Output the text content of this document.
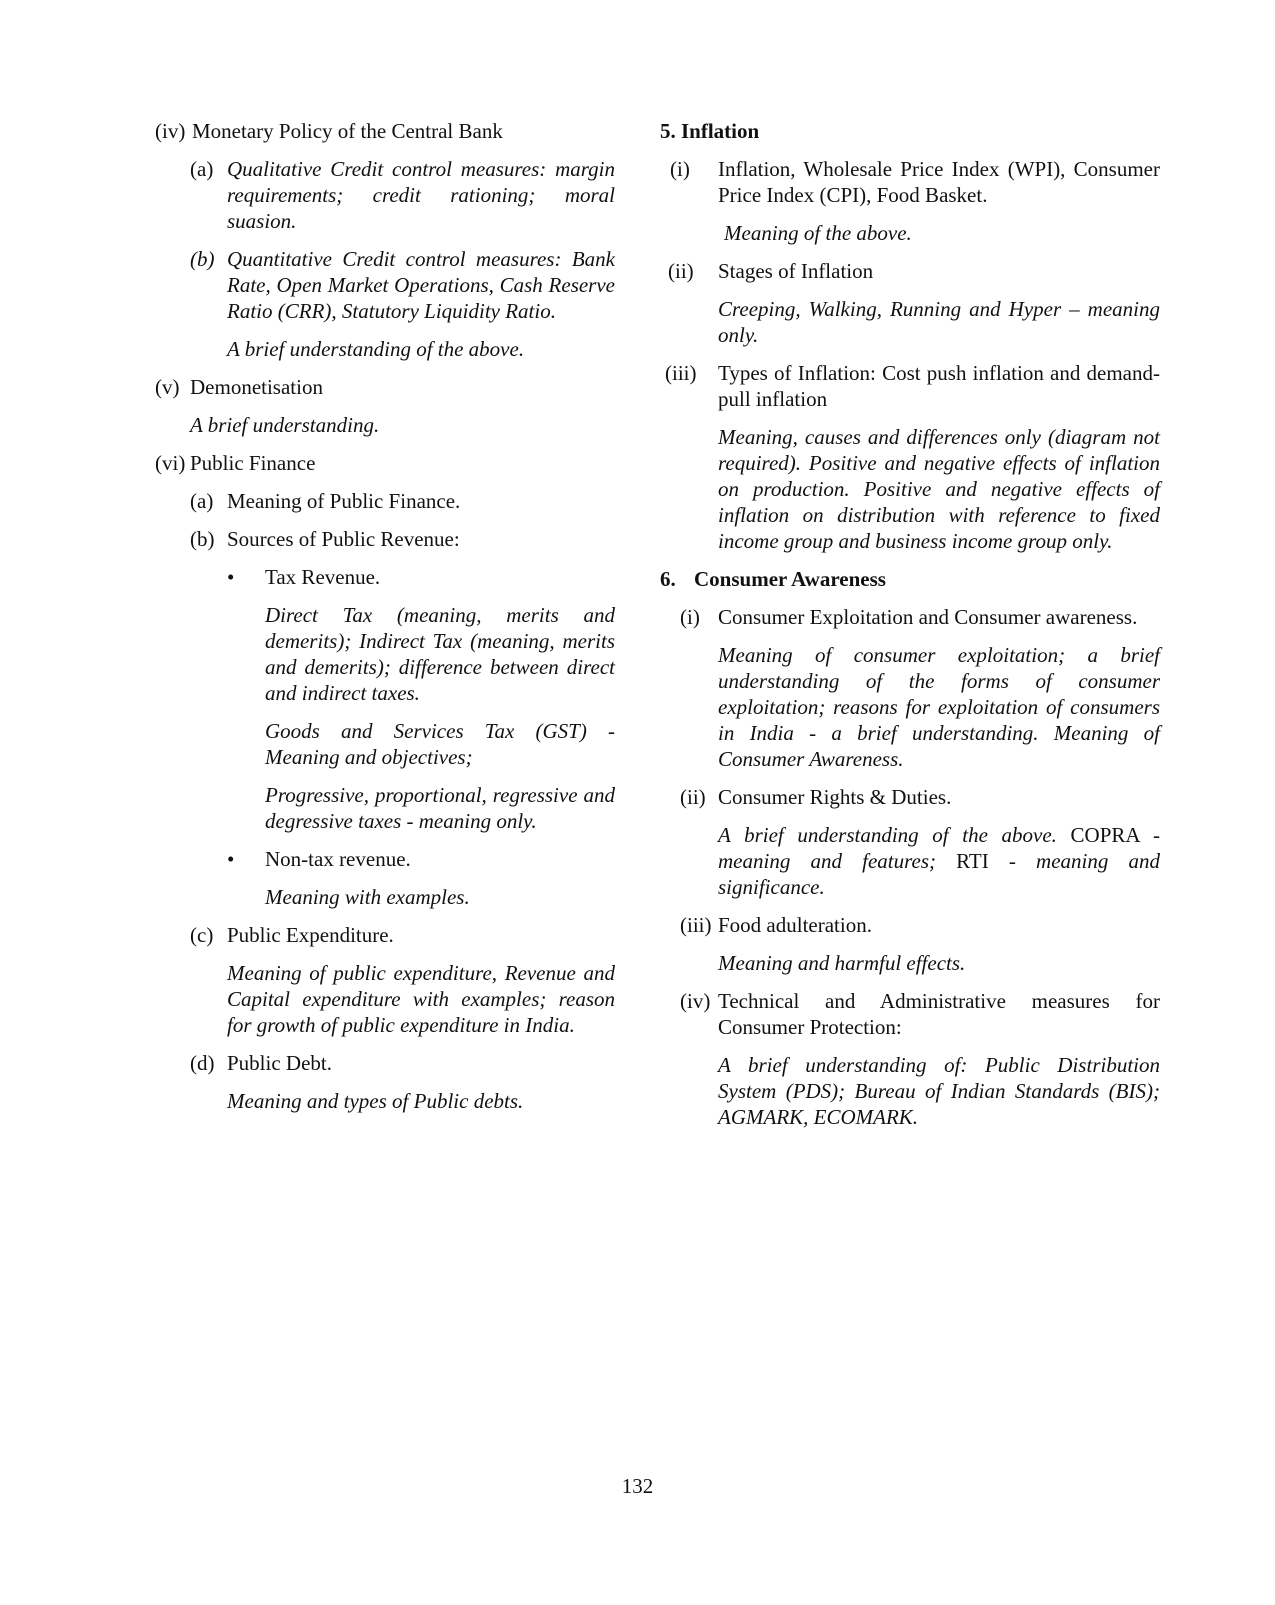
(iv) Monetary Policy of the Central Bank
(a) Qualitative Credit control measures: margin requirements; credit rationing; moral suasion.
(b) Quantitative Credit control measures: Bank Rate, Open Market Operations, Cash Reserve Ratio (CRR), Statutory Liquidity Ratio.
A brief understanding of the above.
(v) Demonetisation
A brief understanding.
(vi) Public Finance
(a) Meaning of Public Finance.
(b) Sources of Public Revenue:
•	Tax Revenue.
Direct Tax (meaning, merits and demerits); Indirect Tax (meaning, merits and demerits); difference between direct and indirect taxes.
Goods and Services Tax (GST) - Meaning and objectives;
Progressive, proportional, regressive and degressive taxes - meaning only.
•	Non-tax revenue.
Meaning with examples.
(c) Public Expenditure.
Meaning of public expenditure, Revenue and Capital expenditure with examples; reason for growth of public expenditure in India.
(d) Public Debt.
Meaning and types of Public debts.
5. Inflation
(i)	Inflation, Wholesale Price Index (WPI), Consumer Price Index (CPI), Food Basket.
Meaning of the above.
(ii)	Stages of Inflation
Creeping, Walking, Running and Hyper – meaning only.
(iii)	Types of Inflation: Cost push inflation and demand- pull inflation
Meaning, causes and differences only (diagram not required). Positive and negative effects of inflation on production. Positive and negative effects of inflation on distribution with reference to fixed income group and business income group only.
6. Consumer Awareness
(i) Consumer Exploitation and Consumer awareness.
Meaning of consumer exploitation; a brief understanding of the forms of consumer exploitation; reasons for exploitation of consumers in India - a brief understanding. Meaning of Consumer Awareness.
(ii) Consumer Rights & Duties.
A brief understanding of the above. COPRA - meaning and features; RTI - meaning and significance.
(iii) Food adulteration.
Meaning and harmful effects.
(iv) Technical and Administrative measures for Consumer Protection:
A brief understanding of: Public Distribution System (PDS); Bureau of Indian Standards (BIS); AGMARK, ECOMARK.
132
